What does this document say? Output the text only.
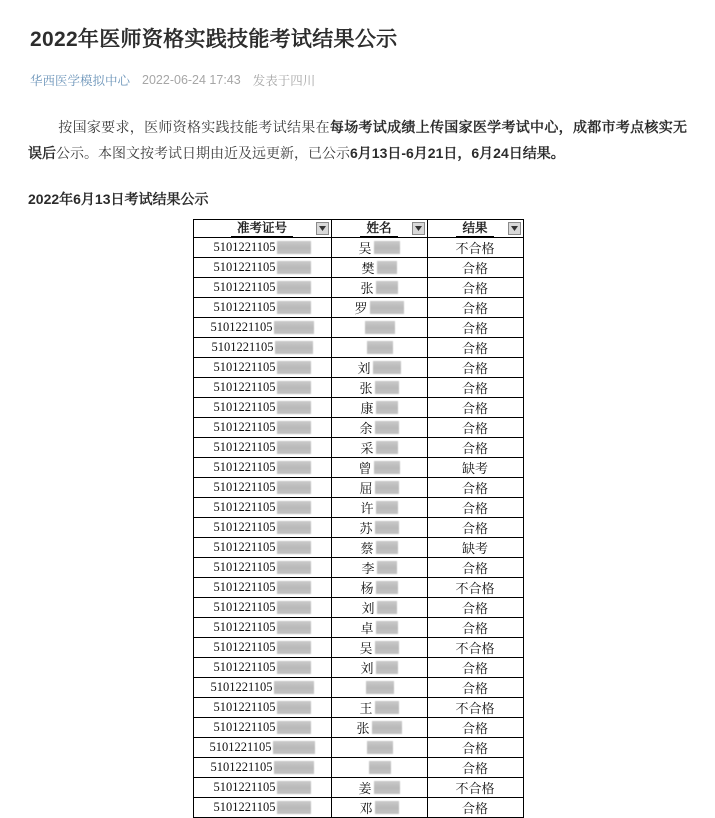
2022年医师资格实践技能考试结果公示
华西医学模拟中心 2022-06-24 17:43 发表于四川

按国家要求，医师资格实践技能考试结果在每场考试成绩上传国家医学考试中心，成都市考点核实无误后公示。本图文按考试日期由近及远更新，已公示6月13日-6月21日，6月24日结果。

2022年6月13日考试结果公示
准考证号	姓名	结果

5101221105	吴	不合格

5101221105	樊	合格

5101221105	张	合格

5101221105	罗	合格

5101221105		合格

5101221105		合格

5101221105	刘	合格

5101221105	张	合格

5101221105	康	合格

5101221105	余	合格

5101221105	采	合格

5101221105	曾	缺考

5101221105	屈	合格

5101221105	许	合格

5101221105	苏	合格

5101221105	蔡	缺考

5101221105	李	合格

5101221105	杨	不合格

5101221105	刘	合格

5101221105	卓	合格

5101221105	吴	不合格

5101221105	刘	合格

5101221105		合格

5101221105	王	不合格

5101221105	张	合格

5101221105		合格

5101221105		合格

5101221105	姜	不合格

5101221105	邓	合格
